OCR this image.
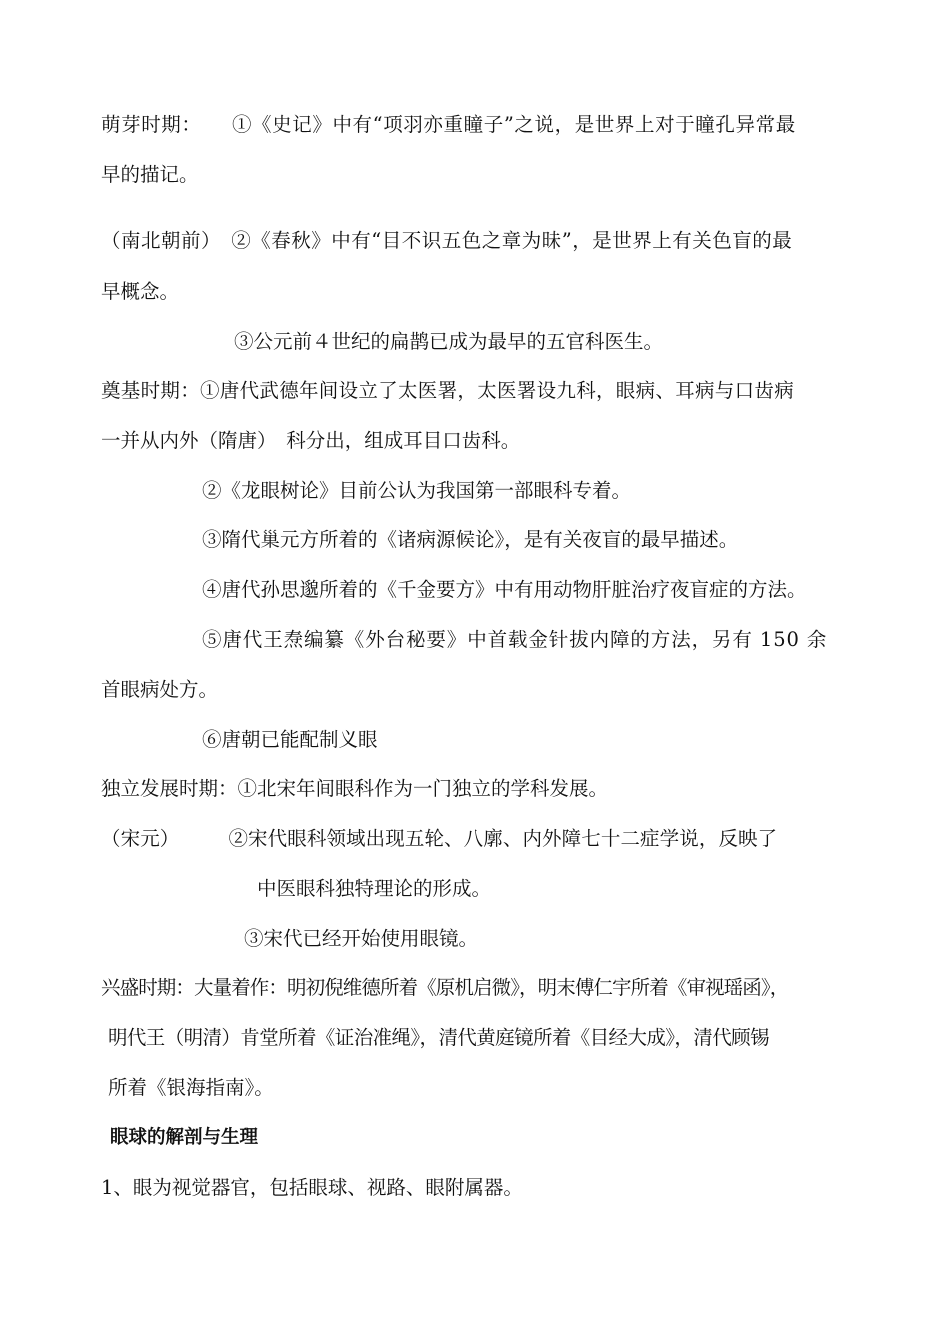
萌芽时期：　　①《史记》中有“项羽亦重瞳子”之说，是世界上对于瞳孔异常最
早的描记。
（南北朝前）　②《春秋》中有“目不识五色之章为昧”，是世界上有关色盲的最
早概念。
③公元前４世纪的扁鹊已成为最早的五官科医生。
奠基时期：①唐代武德年间设立了太医署，太医署设九科，眼病、耳病与口齿病
一并从内外（隋唐）　科分出，组成耳目口齿科。
②《龙眼树论》目前公认为我国第一部眼科专着。
③隋代巢元方所着的《诸病源候论》，是有关夜盲的最早描述。
④唐代孙思邈所着的《千金要方》中有用动物肝脏治疗夜盲症的方法。
⑤唐代王焘编纂《外台秘要》中首载金针拔内障的方法，另有 150 余
首眼病处方。
⑥唐朝已能配制义眼
独立发展时期：①北宋年间眼科作为一门独立的学科发展。
（宋元）　　　②宋代眼科领域出现五轮、八廓、内外障七十二症学说，反映了
中医眼科独特理论的形成。
③宋代已经开始使用眼镜。
兴盛时期：大量着作：明初倪维德所着《原机启微》，明末傅仁宇所着《审视瑶函》，
明代王（明清）肯堂所着《证治准绳》，清代黄庭镜所着《目经大成》，清代顾锡
所着《银海指南》。
眼球的解剖与生理
1、眼为视觉器官，包括眼球、视路、眼附属器。
